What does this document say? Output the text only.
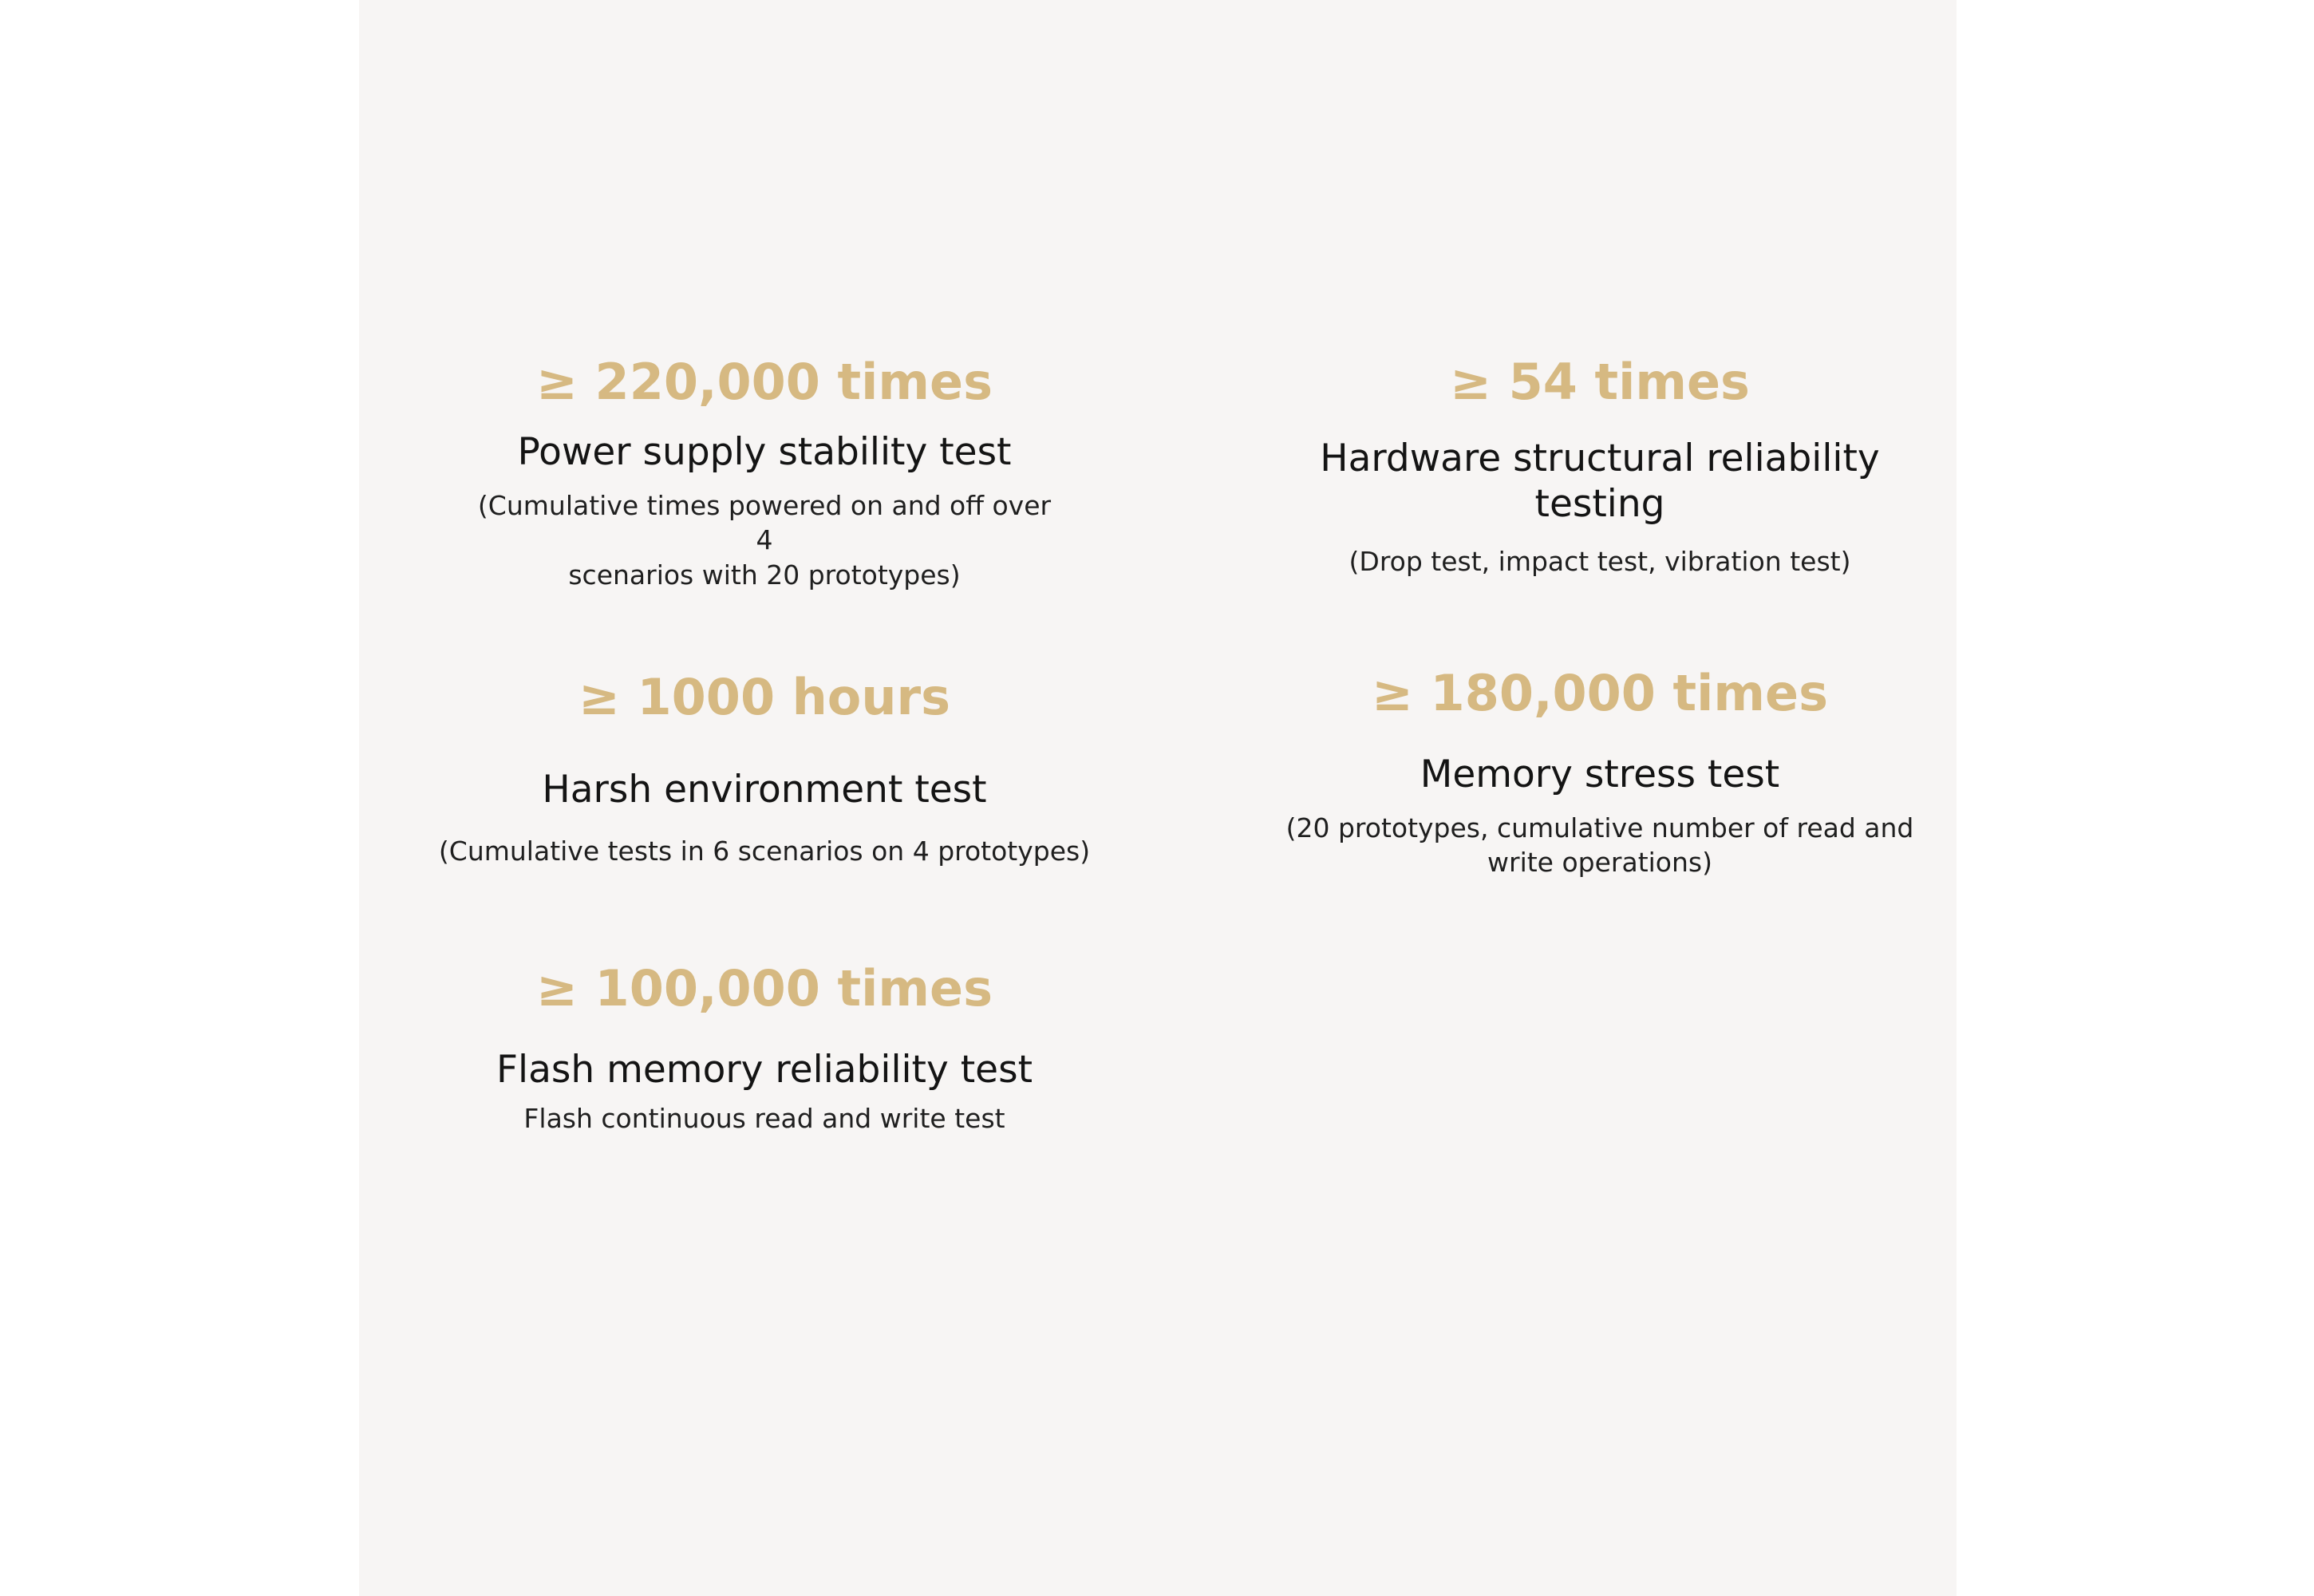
≥ 220,000 times
Power supply stability test
(Cumulative times powered on and off over 4
scenarios with 20 prototypes)
≥ 54 times
Hardware structural reliability
testing
(Drop test, impact test, vibration test)
≥ 1000 hours
Harsh environment test
(Cumulative tests in 6 scenarios on 4 prototypes)
≥ 180,000 times
Memory stress test
(20 prototypes, cumulative number of read and
write operations)
≥ 100,000 times
Flash memory reliability test
Flash continuous read and write test
